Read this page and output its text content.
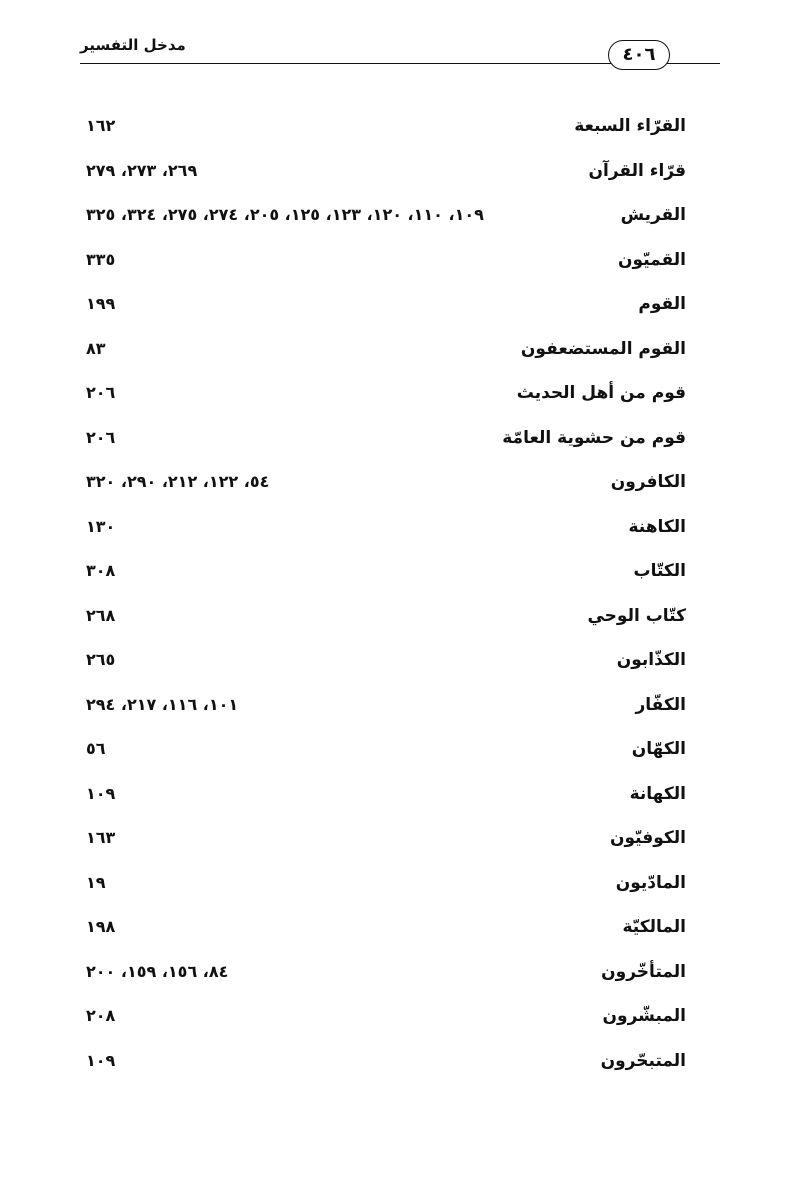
مدخل التفسير	٤٠٦
القرّاء السبعة
١٦٢
قرّاء القرآن
٢٦٩، ٢٧٣، ٢٧٩
القريش
١٠٩، ١١٠، ١٢٠، ١٢٣، ١٢٥، ٢٠٥، ٢٧٤، ٢٧٥، ٣٢٤، ٣٢٥
القميّون
٣٣٥
القوم
١٩٩
القوم المستضعفون
٨٣
قوم من أهل الحديث
٢٠٦
قوم من حشوية العامّة
٢٠٦
الكافرون
٥٤، ١٢٢، ٢١٢، ٢٩٠، ٣٢٠
الكاهنة
١٣٠
الكتّاب
٣٠٨
كتّاب الوحي
٢٦٨
الكذّابون
٢٦٥
الكفّار
١٠١، ١١٦، ٢١٧، ٢٩٤
الكهّان
٥٦
الكهانة
١٠٩
الكوفيّون
١٦٣
المادّيون
١٩
المالكيّة
١٩٨
المتأخّرون
٨٤، ١٥٦، ١٥٩، ٢٠٠
المبشّرون
٢٠٨
المتبحّرون
١٠٩
